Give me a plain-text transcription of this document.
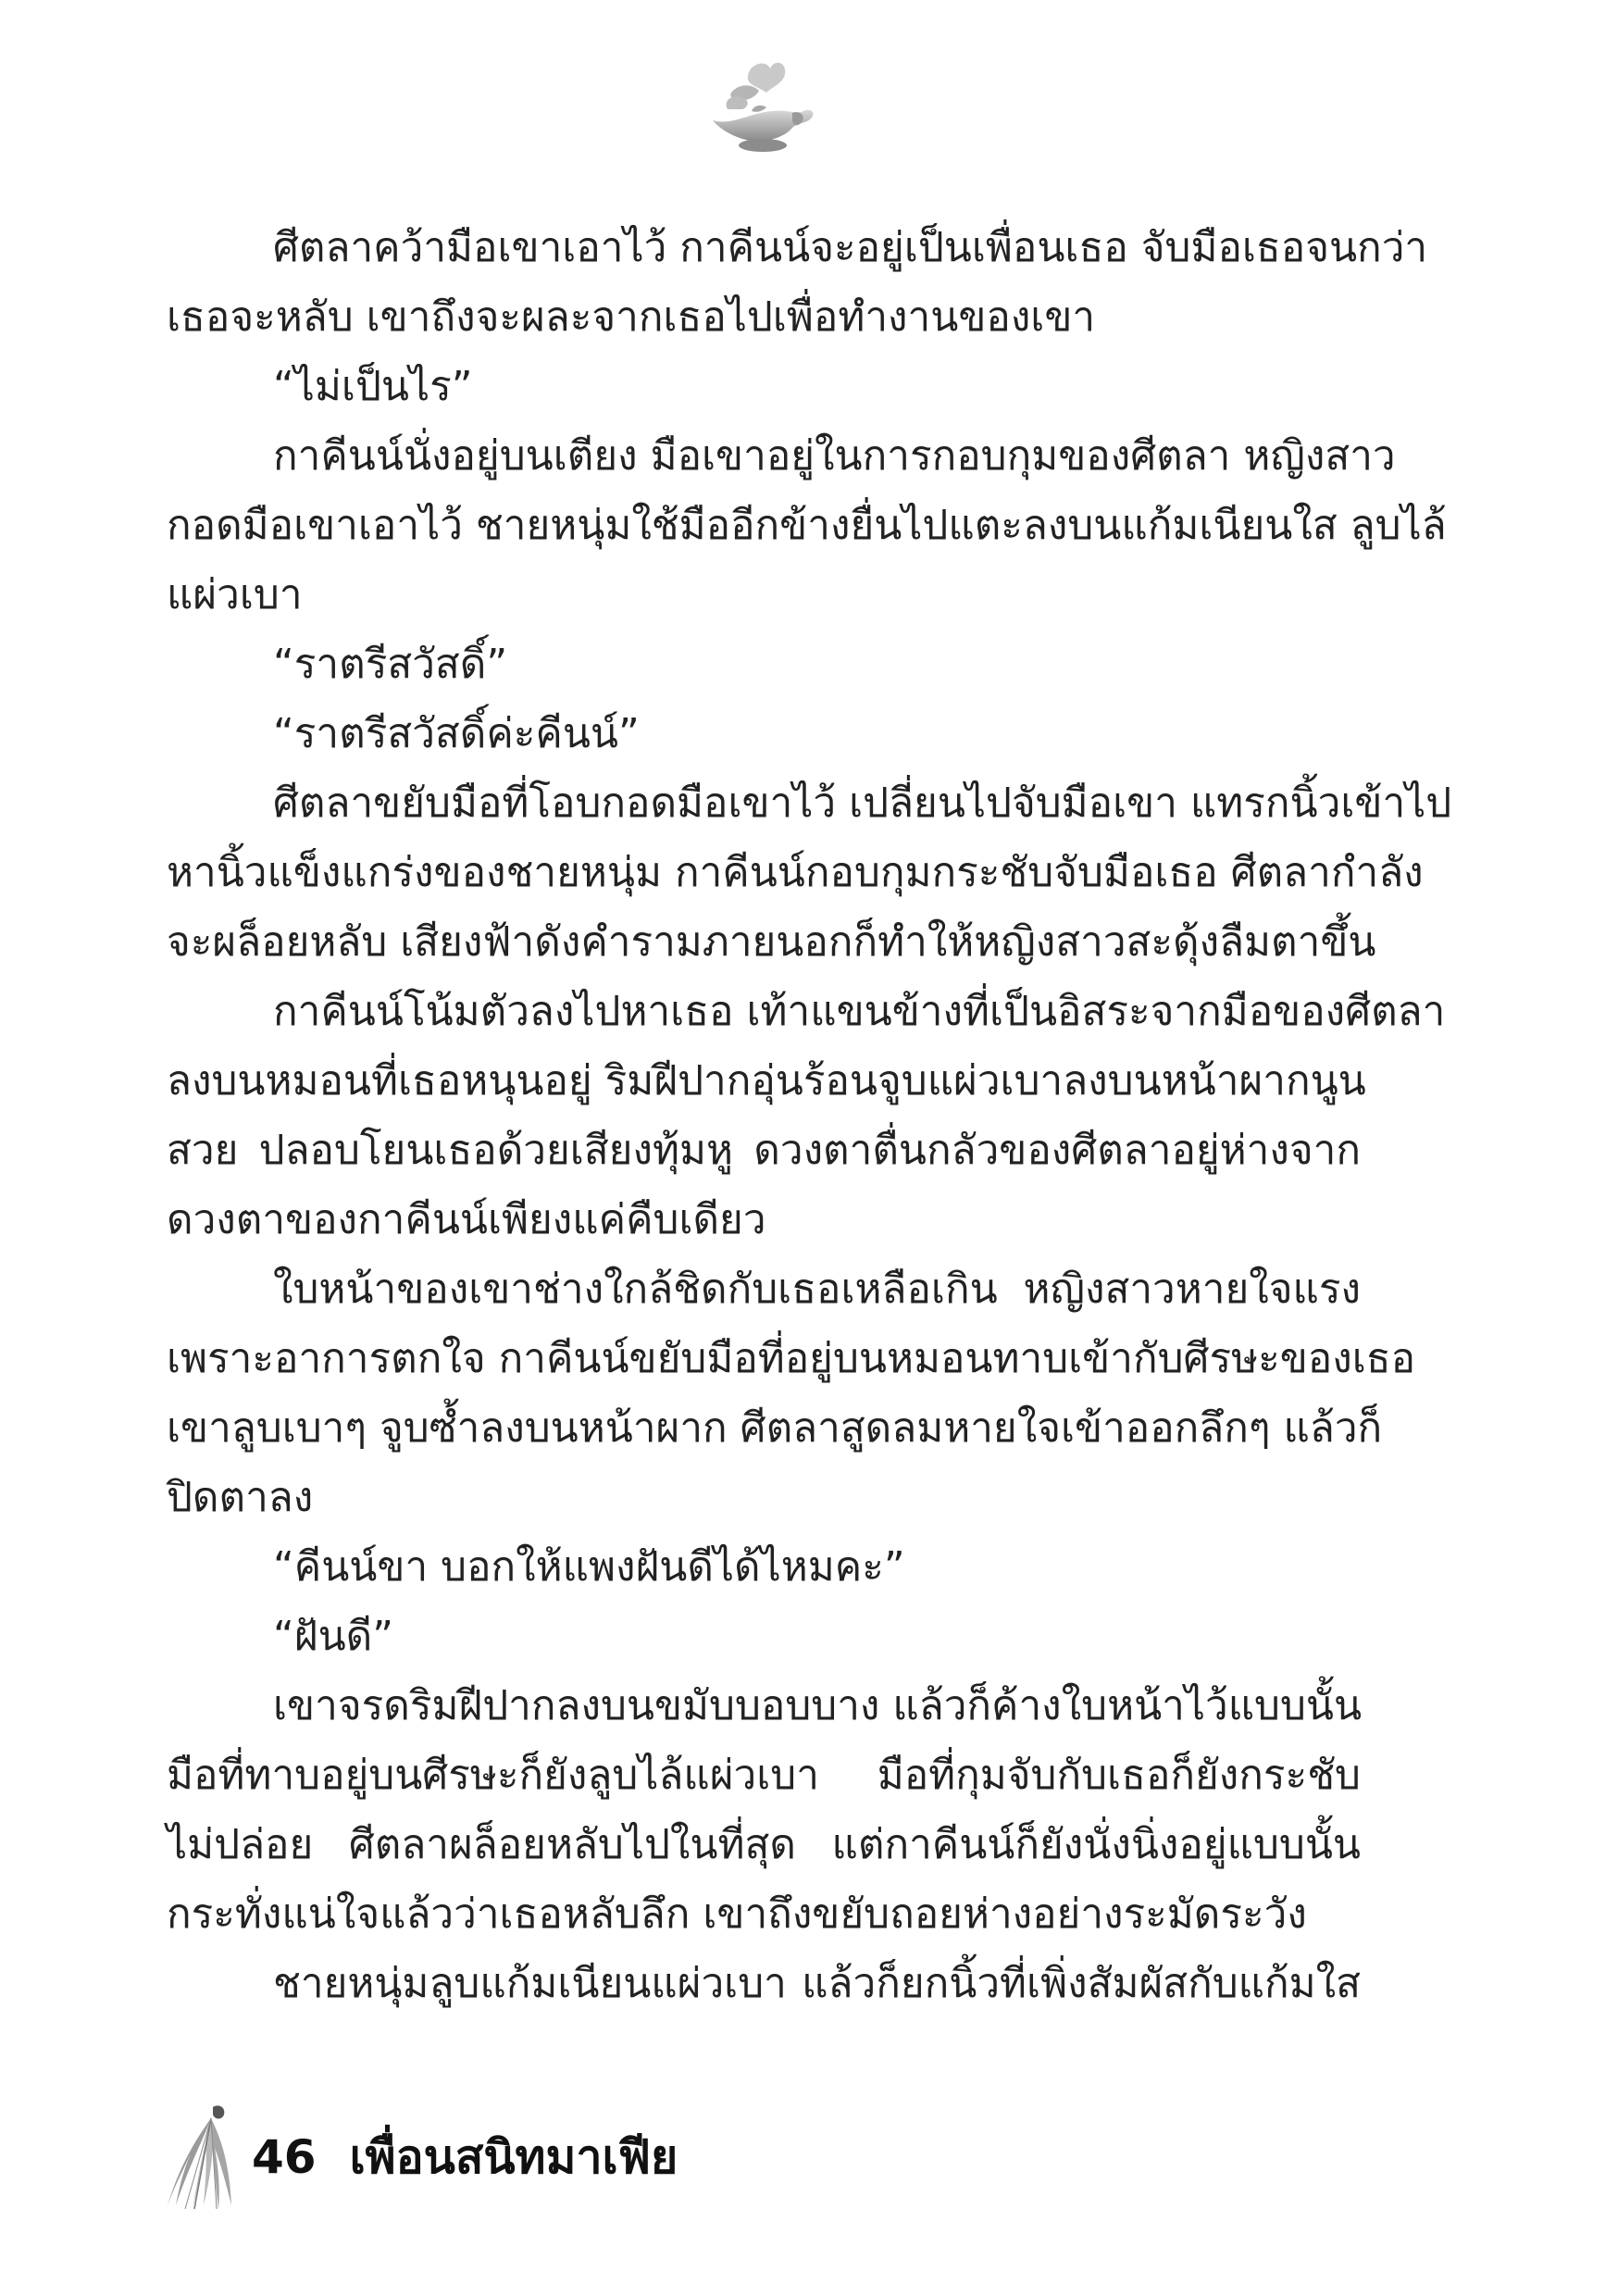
ศีตลาคว้ามือเขาเอาไว้ กาคีนน์จะอยู่เป็นเพื่อนเธอ จับมือเธอจนกว่า
เธอจะหลับ เขาถึงจะผละจากเธอไปเพื่อทำงานของเขา
“ไม่เป็นไร”
กาคีนน์นั่งอยู่บนเตียง มือเขาอยู่ในการกอบกุมของศีตลา หญิงสาว
กอดมือเขาเอาไว้ ชายหนุ่มใช้มืออีกข้างยื่นไปแตะลงบนแก้มเนียนใส ลูบไล้
แผ่วเบา
“ราตรีสวัสดิ์”
“ราตรีสวัสดิ์ค่ะคีนน์”
ศีตลาขยับมือที่โอบกอดมือเขาไว้ เปลี่ยนไปจับมือเขา แทรกนิ้วเข้าไป
หานิ้วแข็งแกร่งของชายหนุ่ม กาคีนน์กอบกุมกระชับจับมือเธอ ศีตลากำลัง
จะผล็อยหลับ เสียงฟ้าดังคำรามภายนอกก็ทำให้หญิงสาวสะดุ้งลืมตาขึ้น
กาคีนน์โน้มตัวลงไปหาเธอ เท้าแขนข้างที่เป็นอิสระจากมือของศีตลา
ลงบนหมอนที่เธอหนุนอยู่ ริมฝีปากอุ่นร้อนจูบแผ่วเบาลงบนหน้าผากนูน
สวย ปลอบโยนเธอด้วยเสียงทุ้มหู ดวงตาตื่นกลัวของศีตลาอยู่ห่างจาก
ดวงตาของกาคีนน์เพียงแค่คืบเดียว
ใบหน้าของเขาช่างใกล้ชิดกับเธอเหลือเกิน หญิงสาวหายใจแรง
เพราะอาการตกใจ กาคีนน์ขยับมือที่อยู่บนหมอนทาบเข้ากับศีรษะของเธอ
เขาลูบเบาๆ จูบซ้ำลงบนหน้าผาก ศีตลาสูดลมหายใจเข้าออกลึกๆ แล้วก็
ปิดตาลง
“คีนน์ขา บอกให้แพงฝันดีได้ไหมคะ”
“ฝันดี”
เขาจรดริมฝีปากลงบนขมับบอบบาง แล้วก็ค้างใบหน้าไว้แบบนั้น
มือที่ทาบอยู่บนศีรษะก็ยังลูบไล้แผ่วเบา มือที่กุมจับกับเธอก็ยังกระชับ
ไม่ปล่อย ศีตลาผล็อยหลับไปในที่สุด แต่กาคีนน์ก็ยังนั่งนิ่งอยู่แบบนั้น
กระทั่งแน่ใจแล้วว่าเธอหลับลึก เขาถึงขยับถอยห่างอย่างระมัดระวัง
ชายหนุ่มลูบแก้มเนียนแผ่วเบา แล้วก็ยกนิ้วที่เพิ่งสัมผัสกับแก้มใส
46 เพื่อนสนิทมาเฟีย
